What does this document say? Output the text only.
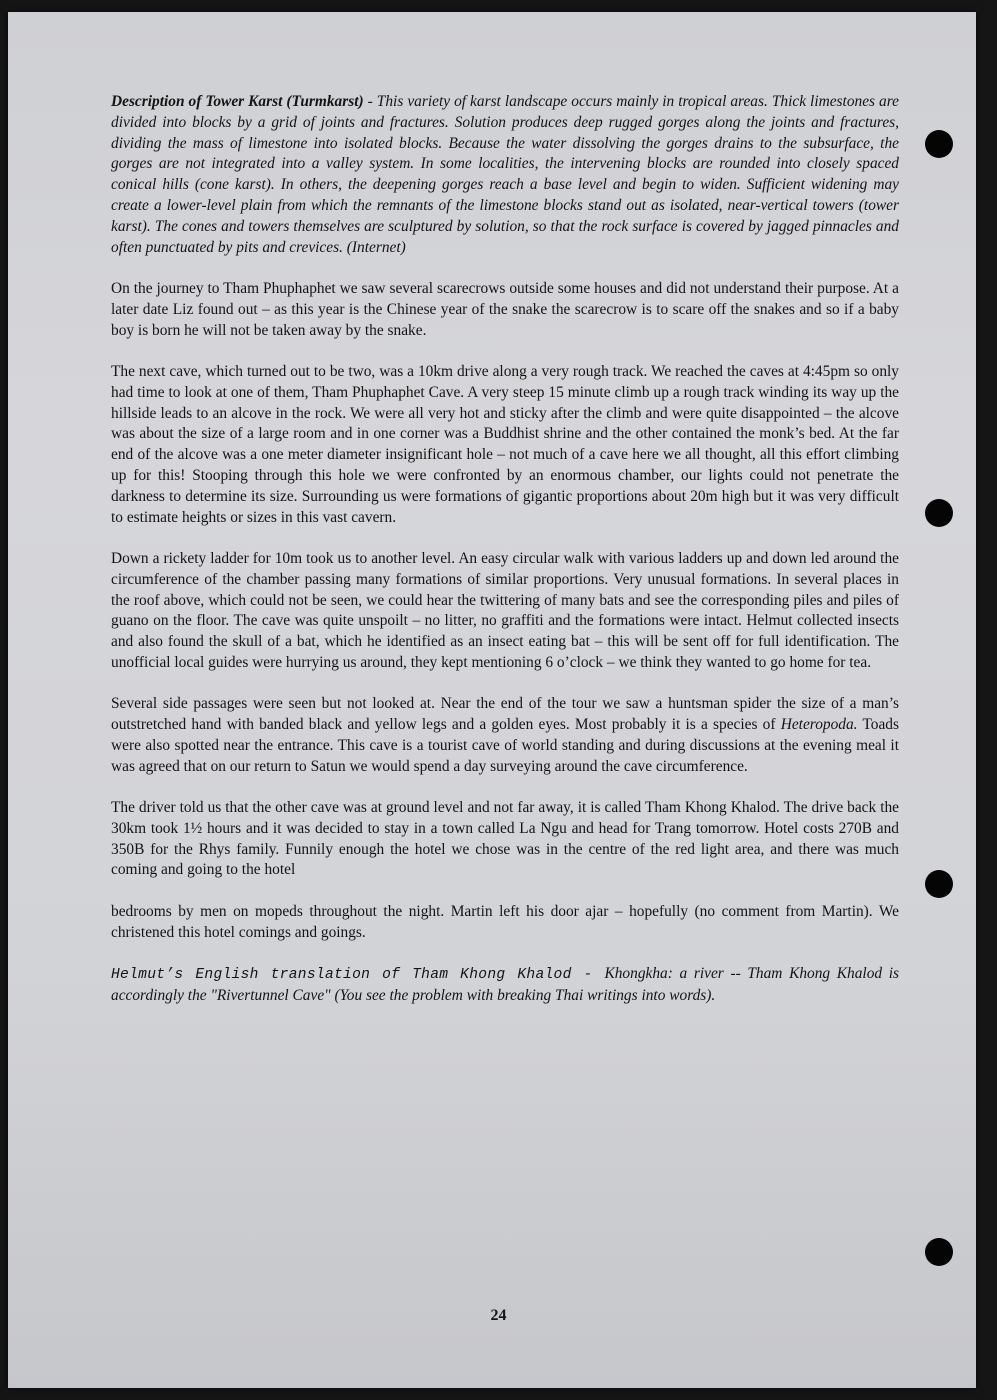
Description of Tower Karst (Turmkarst) - This variety of karst landscape occurs mainly in tropical areas. Thick limestones are divided into blocks by a grid of joints and fractures. Solution produces deep rugged gorges along the joints and fractures, dividing the mass of limestone into isolated blocks. Because the water dissolving the gorges drains to the subsurface, the gorges are not integrated into a valley system. In some localities, the intervening blocks are rounded into closely spaced conical hills (cone karst). In others, the deepening gorges reach a base level and begin to widen. Sufficient widening may create a lower-level plain from which the remnants of the limestone blocks stand out as isolated, near-vertical towers (tower karst). The cones and towers themselves are sculptured by solution, so that the rock surface is covered by jagged pinnacles and often punctuated by pits and crevices. (Internet)

On the journey to Tham Phuphaphet we saw several scarecrows outside some houses and did not understand their purpose. At a later date Liz found out – as this year is the Chinese year of the snake the scarecrow is to scare off the snakes and so if a baby boy is born he will not be taken away by the snake.

The next cave, which turned out to be two, was a 10km drive along a very rough track. We reached the caves at 4:45pm so only had time to look at one of them, Tham Phuphaphet Cave. A very steep 15 minute climb up a rough track winding its way up the hillside leads to an alcove in the rock. We were all very hot and sticky after the climb and were quite disappointed – the alcove was about the size of a large room and in one corner was a Buddhist shrine and the other contained the monk’s bed. At the far end of the alcove was a one meter diameter insignificant hole – not much of a cave here we all thought, all this effort climbing up for this! Stooping through this hole we were confronted by an enormous chamber, our lights could not penetrate the darkness to determine its size. Surrounding us were formations of gigantic proportions about 20m high but it was very difficult to estimate heights or sizes in this vast cavern.

Down a rickety ladder for 10m took us to another level. An easy circular walk with various ladders up and down led around the circumference of the chamber passing many formations of similar proportions. Very unusual formations. In several places in the roof above, which could not be seen, we could hear the twittering of many bats and see the corresponding piles and piles of guano on the floor. The cave was quite unspoilt – no litter, no graffiti and the formations were intact. Helmut collected insects and also found the skull of a bat, which he identified as an insect eating bat – this will be sent off for full identification. The unofficial local guides were hurrying us around, they kept mentioning 6 o’clock – we think they wanted to go home for tea.

Several side passages were seen but not looked at. Near the end of the tour we saw a huntsman spider the size of a man’s outstretched hand with banded black and yellow legs and a golden eyes. Most probably it is a species of Heteropoda. Toads were also spotted near the entrance. This cave is a tourist cave of world standing and during discussions at the evening meal it was agreed that on our return to Satun we would spend a day surveying around the cave circumference.

The driver told us that the other cave was at ground level and not far away, it is called Tham Khong Khalod. The drive back the 30km took 1½ hours and it was decided to stay in a town called La Ngu and head for Trang tomorrow. Hotel costs 270B and 350B for the Rhys family. Funnily enough the hotel we chose was in the centre of the red light area, and there was much coming and going to the hotel

bedrooms by men on mopeds throughout the night. Martin left his door ajar – hopefully (no comment from Martin). We christened this hotel comings and goings.

Helmut’s English translation of Tham Khong Khalod - Khongkha: a river -- Tham Khong Khalod is accordingly the "Rivertunnel Cave" (You see the problem with breaking Thai writings into words).

24
